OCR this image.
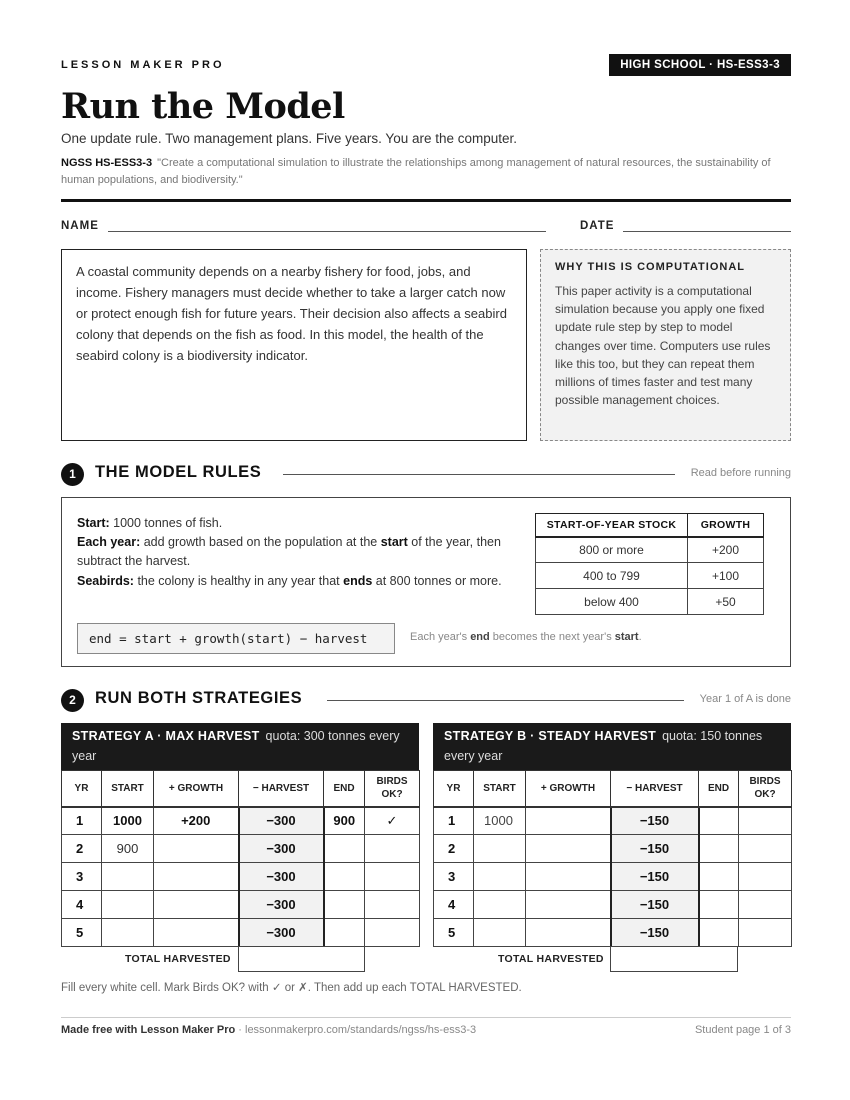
LESSON MAKER PRO	HIGH SCHOOL · HS-ESS3-3
Run the Model
One update rule. Two management plans. Five years. You are the computer.
NGSS HS-ESS3-3 "Create a computational simulation to illustrate the relationships among management of natural resources, the sustainability of human populations, and biodiversity."
NAME	DATE

A coastal community depends on a nearby fishery for food, jobs, and income. Fishery managers must decide whether to take a larger catch now or protect enough fish for future years. Their decision also affects a seabird colony that depends on the fish as food. In this model, the health of the seabird colony is a biodiversity indicator.

WHY THIS IS COMPUTATIONAL
This paper activity is a computational simulation because you apply one fixed update rule step by step to model changes over time. Computers use rules like this too, but they can repeat them millions of times faster and test many possible management choices.
1	THE MODEL RULES	Read before running
Start: 1000 tonnes of fish.
Each year: add growth based on the population at the start of the year, then subtract the harvest.
Seabirds: the colony is healthy in any year that ends at 800 tonnes or more.
START-OF-YEAR STOCK	GROWTH
800 or more	+200
400 to 799	+100
below 400	+50
end = start + growth(start) − harvest	Each year's end becomes the next year's start.
2	RUN BOTH STRATEGIES	Year 1 of A is done
STRATEGY A · MAX HARVEST quota: 300 tonnes every year
YR	START	+ GROWTH	− HARVEST	END	BIRDS OK?
1	1000	+200	−300	900	✓
2	900		−300		
3			−300		
4			−300		
5			−300		
TOTAL HARVESTED
STRATEGY B · STEADY HARVEST quota: 150 tonnes every year
YR	START	+ GROWTH	− HARVEST	END	BIRDS OK?
1	1000		−150		
2			−150		
3			−150		
4			−150		
5			−150		
TOTAL HARVESTED
Fill every white cell. Mark Birds OK? with ✓ or ✗. Then add up each TOTAL HARVESTED.
Made free with Lesson Maker Pro · lessonmakerpro.com/standards/ngss/hs-ess3-3	Student page 1 of 3
